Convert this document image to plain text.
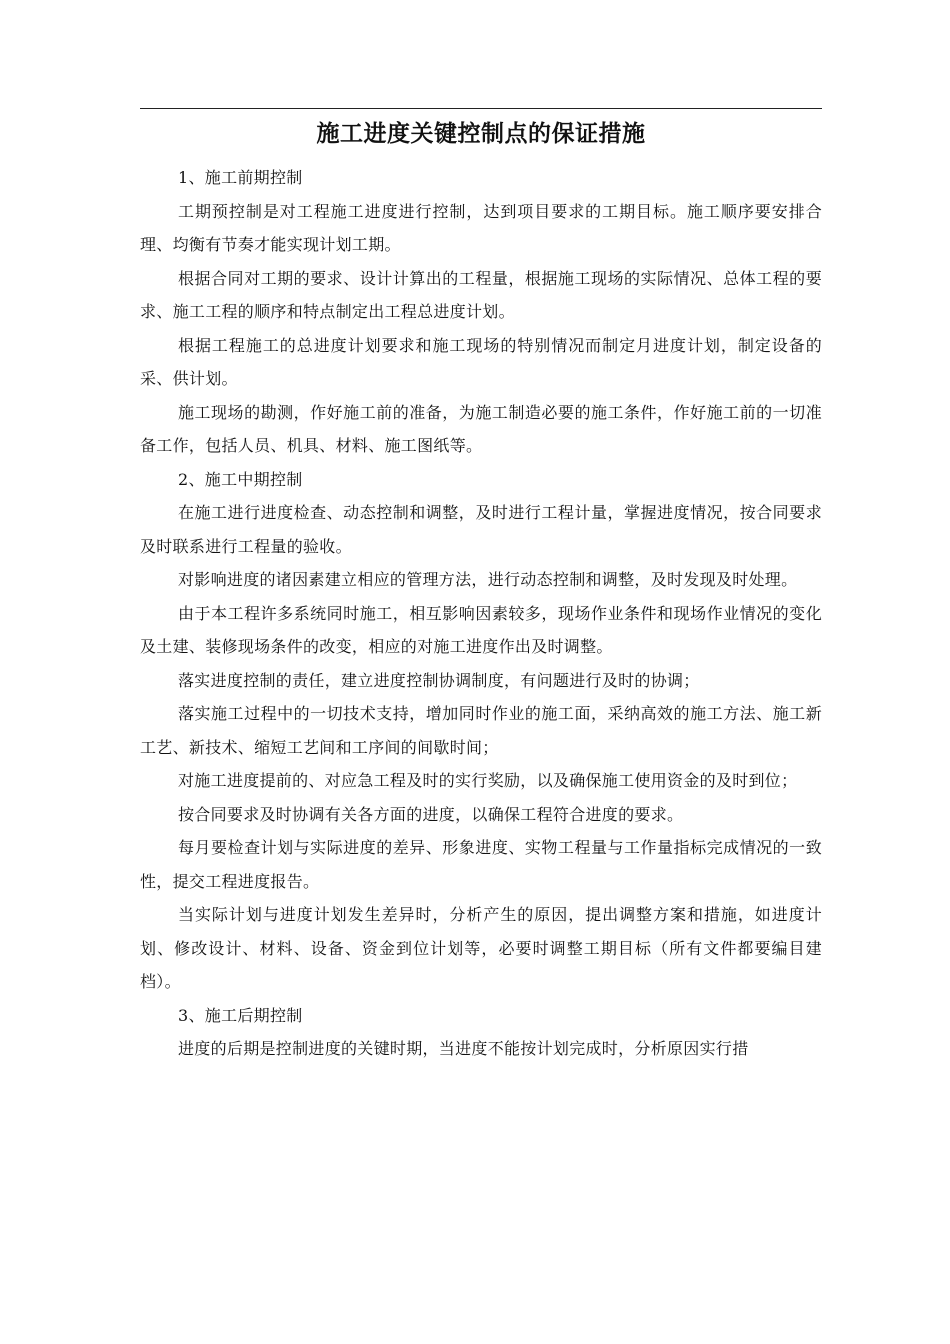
施工进度关键控制点的保证措施

1、施工前期控制

工期预控制是对工程施工进度进行控制，达到项目要求的工期目标。施工顺序要安排合理、均衡有节奏才能实现计划工期。

根据合同对工期的要求、设计计算出的工程量，根据施工现场的实际情况、总体工程的要求、施工工程的顺序和特点制定出工程总进度计划。

根据工程施工的总进度计划要求和施工现场的特别情况而制定月进度计划，制定设备的采、供计划。

施工现场的勘测，作好施工前的准备，为施工制造必要的施工条件，作好施工前的一切准备工作，包括人员、机具、材料、施工图纸等。

2、施工中期控制

在施工进行进度检查、动态控制和调整，及时进行工程计量，掌握进度情况，按合同要求及时联系进行工程量的验收。

对影响进度的诸因素建立相应的管理方法，进行动态控制和调整，及时发现及时处理。

由于本工程许多系统同时施工，相互影响因素较多，现场作业条件和现场作业情况的变化及土建、装修现场条件的改变，相应的对施工进度作出及时调整。

落实进度控制的责任，建立进度控制协调制度，有问题进行及时的协调；

落实施工过程中的一切技术支持，增加同时作业的施工面，采纳高效的施工方法、施工新工艺、新技术、缩短工艺间和工序间的间歇时间；

对施工进度提前的、对应急工程及时的实行奖励，以及确保施工使用资金的及时到位；

按合同要求及时协调有关各方面的进度，以确保工程符合进度的要求。

每月要检查计划与实际进度的差异、形象进度、实物工程量与工作量指标完成情况的一致性，提交工程进度报告。

当实际计划与进度计划发生差异时，分析产生的原因，提出调整方案和措施，如进度计划、修改设计、材料、设备、资金到位计划等，必要时调整工期目标（所有文件都要编目建档）。

3、施工后期控制

进度的后期是控制进度的关键时期，当进度不能按计划完成时，分析原因实行措
